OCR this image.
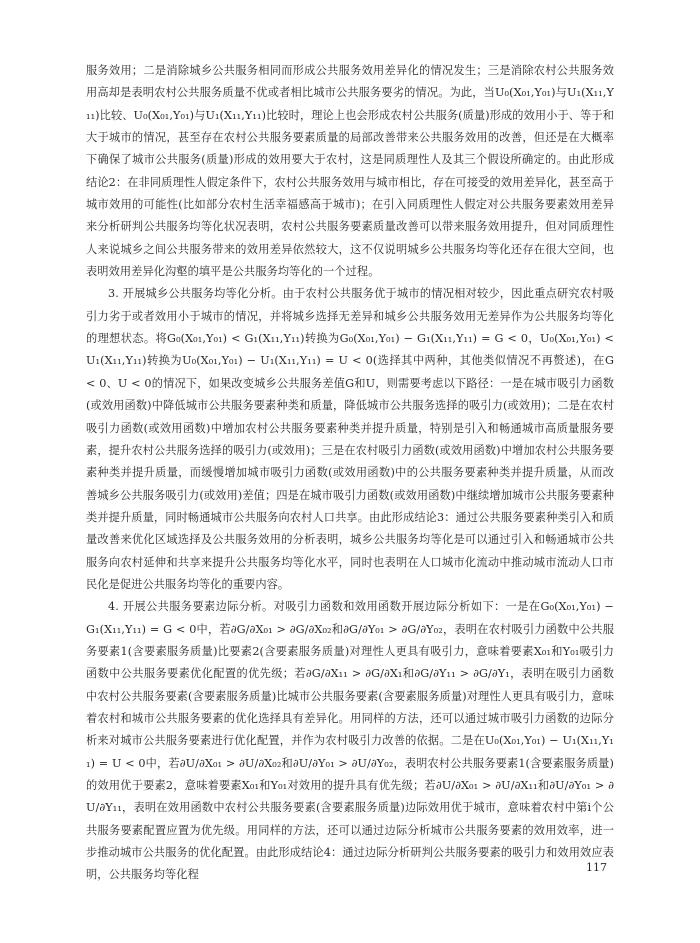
服务效用；二是消除城乡公共服务相同而形成公共服务效用差异化的情况发生；三是消除农村公共服务效用高却是表明农村公共服务质量不优或者相比城市公共服务要劣的情况。为此，当U₀(X₀₁,Y₀₁)与U₁(X₁₁,Y₁₁)比较、U₀(X₀₁,Y₀₁)与U₁(X₁₁,Y₁₁)比较时，理论上也会形成农村公共服务(质量)形成的效用小于、等于和大于城市的情况，甚至存在农村公共服务要素质量的局部改善带来公共服务效用的改善，但还是在大概率下确保了城市公共服务(质量)形成的效用要大于农村，这是同质理性人及其三个假设所确定的。由此形成结论2：在非同质理性人假定条件下，农村公共服务效用与城市相比，存在可接受的效用差异化，甚至高于城市效用的可能性(比如部分农村生活幸福感高于城市)；在引入同质理性人假定对公共服务要素效用差异来分析研判公共服务均等化状况表明，农村公共服务要素质量改善可以带来服务效用提升，但对同质理性人来说城乡之间公共服务带来的效用差异依然较大，这不仅说明城乡公共服务均等化还存在很大空间，也表明效用差异化沟壑的填平是公共服务均等化的一个过程。

3. 开展城乡公共服务均等化分析。由于农村公共服务优于城市的情况相对较少，因此重点研究农村吸引力劣于或者效用小于城市的情况，并将城乡选择无差异和城乡公共服务效用无差异作为公共服务均等化的理想状态。将G₀(X₀₁,Y₀₁) < G₁(X₁₁,Y₁₁)转换为G₀(X₀₁,Y₀₁) − G₁(X₁₁,Y₁₁) = G < 0，U₀(X₀₁,Y₀₁) < U₁(X₁₁,Y₁₁)转换为U₀(X₀₁,Y₀₁) − U₁(X₁₁,Y₁₁) = U < 0(选择其中两种，其他类似情况不再赘述)，在G < 0、U < 0的情况下，如果改变城乡公共服务差值G和U，则需要考虑以下路径：一是在城市吸引力函数(或效用函数)中降低城市公共服务要素种类和质量，降低城市公共服务选择的吸引力(或效用)；二是在农村吸引力函数(或效用函数)中增加农村公共服务要素种类并提升质量，特别是引入和畅通城市高质量服务要素，提升农村公共服务选择的吸引力(或效用)；三是在农村吸引力函数(或效用函数)中增加农村公共服务要素种类并提升质量，而缓慢增加城市吸引力函数(或效用函数)中的公共服务要素种类并提升质量，从而改善城乡公共服务吸引力(或效用)差值；四是在城市吸引力函数(或效用函数)中继续增加城市公共服务要素种类并提升质量，同时畅通城市公共服务向农村人口共享。由此形成结论3：通过公共服务要素种类引入和质量改善来优化区域选择及公共服务效用的分析表明，城乡公共服务均等化是可以通过引入和畅通城市公共服务向农村延伸和共享来提升公共服务均等化水平，同时也表明在人口城市化流动中推动城市流动人口市民化是促进公共服务均等化的重要内容。

4. 开展公共服务要素边际分析。对吸引力函数和效用函数开展边际分析如下：一是在G₀(X₀₁,Y₀₁) − G₁(X₁₁,Y₁₁) = G < 0中，若∂G/∂X₀₁ > ∂G/∂X₀₂和∂G/∂Y₀₁ > ∂G/∂Y₀₂，表明在农村吸引力函数中公共服务要素1(含要素服务质量)比要素2(含要素服务质量)对理性人更具有吸引力，意味着要素X₀₁和Y₀₁吸引力函数中公共服务要素优化配置的优先级；若∂G/∂X₁₁ > ∂G/∂X₁和∂G/∂Y₁₁ > ∂G/∂Y₁，表明在吸引力函数中农村公共服务要素(含要素服务质量)比城市公共服务要素(含要素服务质量)对理性人更具有吸引力，意味着农村和城市公共服务要素的优化选择具有差异化。用同样的方法，还可以通过城市吸引力函数的边际分析来对城市公共服务要素进行优化配置，并作为农村吸引力改善的依据。二是在U₀(X₀₁,Y₀₁) − U₁(X₁₁,Y₁₁) = U < 0中，若∂U/∂X₀₁ > ∂U/∂X₀₂和∂U/∂Y₀₁ > ∂U/∂Y₀₂，表明农村公共服务要素1(含要素服务质量)的效用优于要素2，意味着要素X₀₁和Y₀₁对效用的提升具有优先级；若∂U/∂X₀₁ > ∂U/∂X₁₁和∂U/∂Y₀₁ > ∂U/∂Y₁₁，表明在效用函数中农村公共服务要素(含要素服务质量)边际效用优于城市，意味着农村中第i个公共服务要素配置应置为优先级。用同样的方法，还可以通过边际分析城市公共服务要素的效用效率，进一步推动城市公共服务的优化配置。由此形成结论4：通过边际分析研判公共服务要素的吸引力和效用效应表明，公共服务均等化程

117
